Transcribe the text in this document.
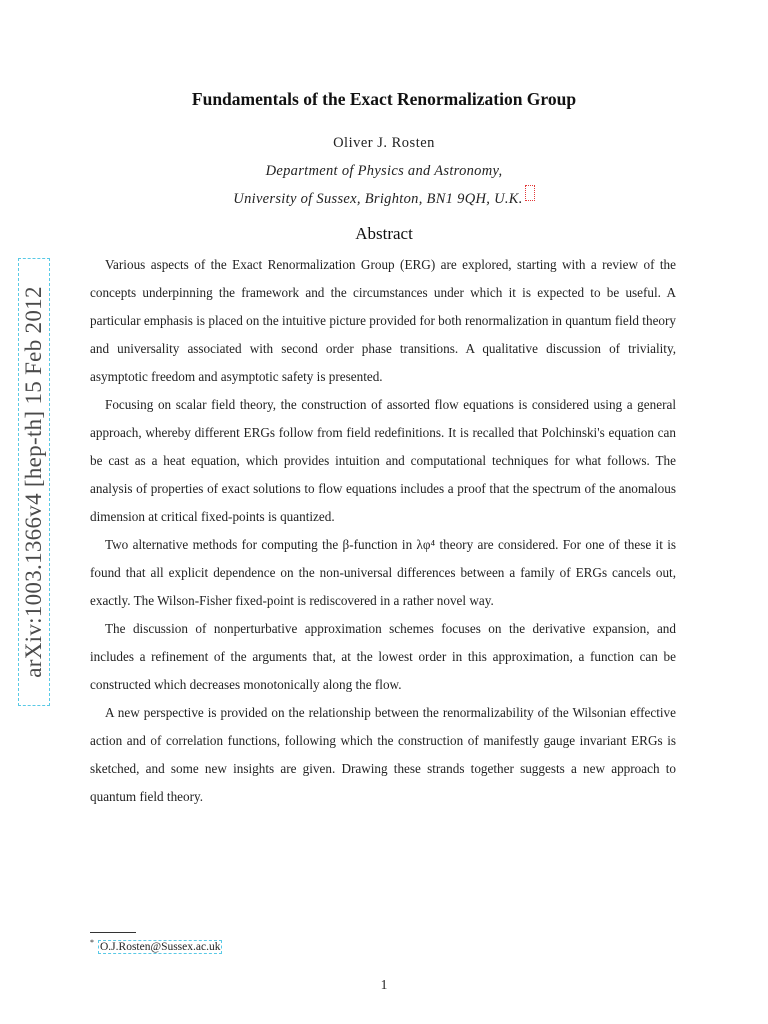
arXiv:1003.1366v4 [hep-th] 15 Feb 2012
Fundamentals of the Exact Renormalization Group
Oliver J. Rosten
Department of Physics and Astronomy,
University of Sussex, Brighton, BN1 9QH, U.K.
Abstract

Various aspects of the Exact Renormalization Group (ERG) are explored, starting with a review of the concepts underpinning the framework and the circumstances under which it is expected to be useful. A particular emphasis is placed on the intuitive picture provided for both renormalization in quantum field theory and universality associated with second order phase transitions. A qualitative discussion of triviality, asymptotic freedom and asymptotic safety is presented.

Focusing on scalar field theory, the construction of assorted flow equations is considered using a general approach, whereby different ERGs follow from field redefinitions. It is recalled that Polchinski's equation can be cast as a heat equation, which provides intuition and computational techniques for what follows. The analysis of properties of exact solutions to flow equations includes a proof that the spectrum of the anomalous dimension at critical fixed-points is quantized.

Two alternative methods for computing the β-function in λφ⁴ theory are considered. For one of these it is found that all explicit dependence on the non-universal differences between a family of ERGs cancels out, exactly. The Wilson-Fisher fixed-point is rediscovered in a rather novel way.

The discussion of nonperturbative approximation schemes focuses on the derivative expansion, and includes a refinement of the arguments that, at the lowest order in this approximation, a function can be constructed which decreases monotonically along the flow.

A new perspective is provided on the relationship between the renormalizability of the Wilsonian effective action and of correlation functions, following which the construction of manifestly gauge invariant ERGs is sketched, and some new insights are given. Drawing these strands together suggests a new approach to quantum field theory.

* O.J.Rosten@Sussex.ac.uk
1
